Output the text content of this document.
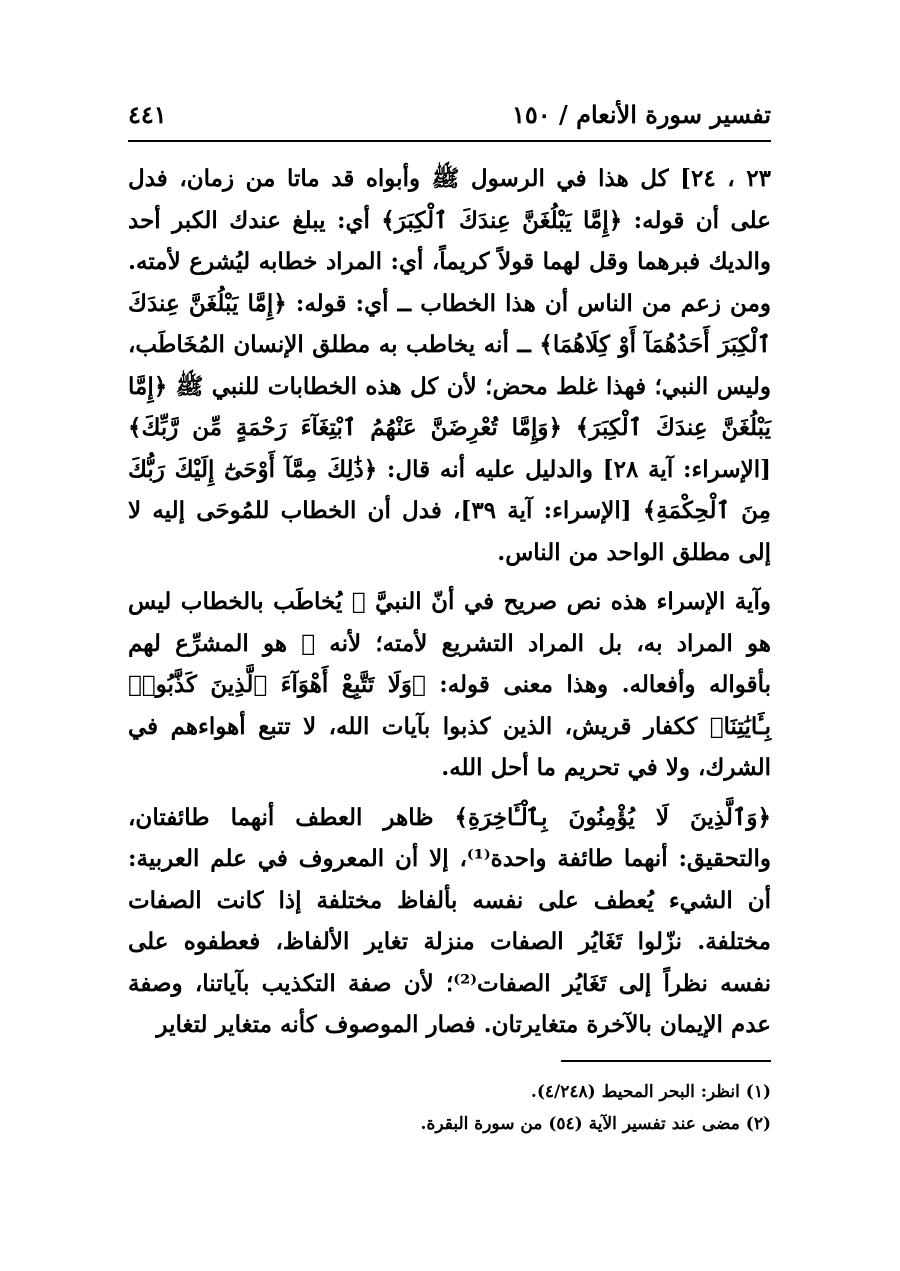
تفسير سورة الأنعام / ١٥٠
٤٤١

٢٣ ، ٢٤] كل هذا في الرسول ﷺ وأبواه قد ماتا من زمان، فدل على أن قوله: ﴿إِمَّا يَبْلُغَنَّ عِندَكَ ٱلْكِبَرَ﴾ أي: يبلغ عندك الكبر أحد والديك فبرهما وقل لهما قولاً كريماً، أي: المراد خطابه ليُشرع لأمته. ومن زعم من الناس أن هذا الخطاب ــ أي: قوله: ﴿إِمَّا يَبْلُغَنَّ عِندَكَ ٱلْكِبَرَ أَحَدُهُمَآ أَوْ كِلَاهُمَا﴾ ــ أنه يخاطب به مطلق الإنسان المُخَاطَب، وليس النبي؛ فهذا غلط محض؛ لأن كل هذه الخطابات للنبي ﷺ ﴿إِمَّا يَبْلُغَنَّ عِندَكَ ٱلْكِبَرَ﴾ ﴿وَإِمَّا تُعْرِضَنَّ عَنْهُمُ ٱبْتِغَآءَ رَحْمَةٍ مِّن رَّبِّكَ﴾ [الإسراء: آية ٢٨] والدليل عليه أنه قال: ﴿ذَٰلِكَ مِمَّآ أَوْحَىٰٓ إِلَيْكَ رَبُّكَ مِنَ ٱلْحِكْمَةِ﴾ [الإسراء: آية ٣٩]، فدل أن الخطاب للمُوحَى إليه لا إلى مطلق الواحد من الناس.

وآية الإسراء هذه نص صريح في أنّ النبيَّ ﷺ يُخاطَب بالخطاب ليس هو المراد به، بل المراد التشريع لأمته؛ لأنه ﷺ هو المشرِّع لهم بأقواله وأفعاله. وهذا معنى قوله: ﴿وَلَا تَتَّبِعْ أَهْوَآءَ ٱلَّذِينَ كَذَّبُوا۟ بِـَٔايَٰتِنَا﴾ ككفار قريش، الذين كذبوا بآيات الله، لا تتبع أهواءهم في الشرك، ولا في تحريم ما أحل الله.

﴿وَٱلَّذِينَ لَا يُؤْمِنُونَ بِٱلْـَٔاخِرَةِ﴾ ظاهر العطف أنهما طائفتان، والتحقيق: أنهما طائفة واحدة⁽¹⁾، إلا أن المعروف في علم العربية: أن الشيء يُعطف على نفسه بألفاظ مختلفة إذا كانت الصفات مختلفة. نزّلوا تَغَايُر الصفات منزلة تغاير الألفاظ، فعطفوه على نفسه نظراً إلى تَغَايُر الصفات⁽²⁾؛ لأن صفة التكذيب بآياتنا، وصفة عدم الإيمان بالآخرة متغايرتان. فصار الموصوف كأنه متغاير لتغاير

(١) انظر: البحر المحيط (٤/٢٤٨).

(٢) مضى عند تفسير الآية (٥٤) من سورة البقرة.
